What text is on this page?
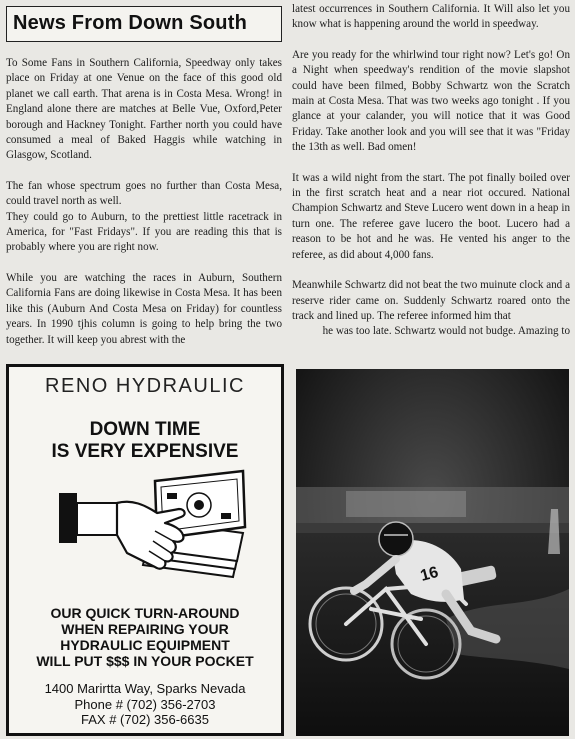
News From Down South

To Some Fans in Southern California, Speedway only takes place on Friday at one Venue on the face of this good old planet we call earth. That arena is in Costa Mesa. Wrong! in England alone there are matches at Belle Vue, Oxford,Peter borough and Hackney Tonight. Farther north you could have consumed a meal of Baked Haggis while watching in Glasgow, Scotland.

The fan whose spectrum goes no further than Costa Mesa, could travel north as well.

They could go to Auburn, to the prettiest little racetrack in America, for "Fast Fridays". If you are reading this that is probably where you are right now.

While you are watching the races in Auburn, Southern California Fans are doing likewise in Costa Mesa. It has been like this (Auburn And Costa Mesa on Friday) for countless years. In 1990 tjhis column is going to help bring the two together. It will keep you abrest with the

latest occurrences in Southern California. It Will also let you know what is happening around the world in speedway.

Are you ready for the whirlwind tour right now? Let's go! On a Night when speedway's rendition of the movie slapshot could have been filmed, Bobby Schwartz won the Scratch main at Costa Mesa. That was two weeks ago tonight . If you glance at your calander, you will notice that it was Good Friday. Take another look and you will see that it was "Friday the 13th as well. Bad omen!

It was a wild night from the start. The pot finally boiled over in the first scratch heat and a near riot occured. National Champion Schwartz and Steve Lucero went down in a heap in turn one. The referee gave lucero the boot. Lucero had a reason to be hot and he was. He vented his anger to the referee, as did about 4,000 fans.

Meanwhile Schwartz did not beat the two muinute clock and a reserve rider came on. Suddenly Schwartz roared onto the track and lined up. The referee informed him that

he was too late. Schwartz would not budge. Amazing to

RENO HYDRAULIC
DOWN TIME
IS VERY EXPENSIVE
OUR QUICK TURN-AROUND
WHEN REPAIRING YOUR
HYDRAULIC EQUIPMENT
WILL PUT $$$ IN YOUR POCKET
1400 Marirtta Way, Sparks Nevada
Phone # (702) 356-2703
FAX # (702) 356-6635
16
